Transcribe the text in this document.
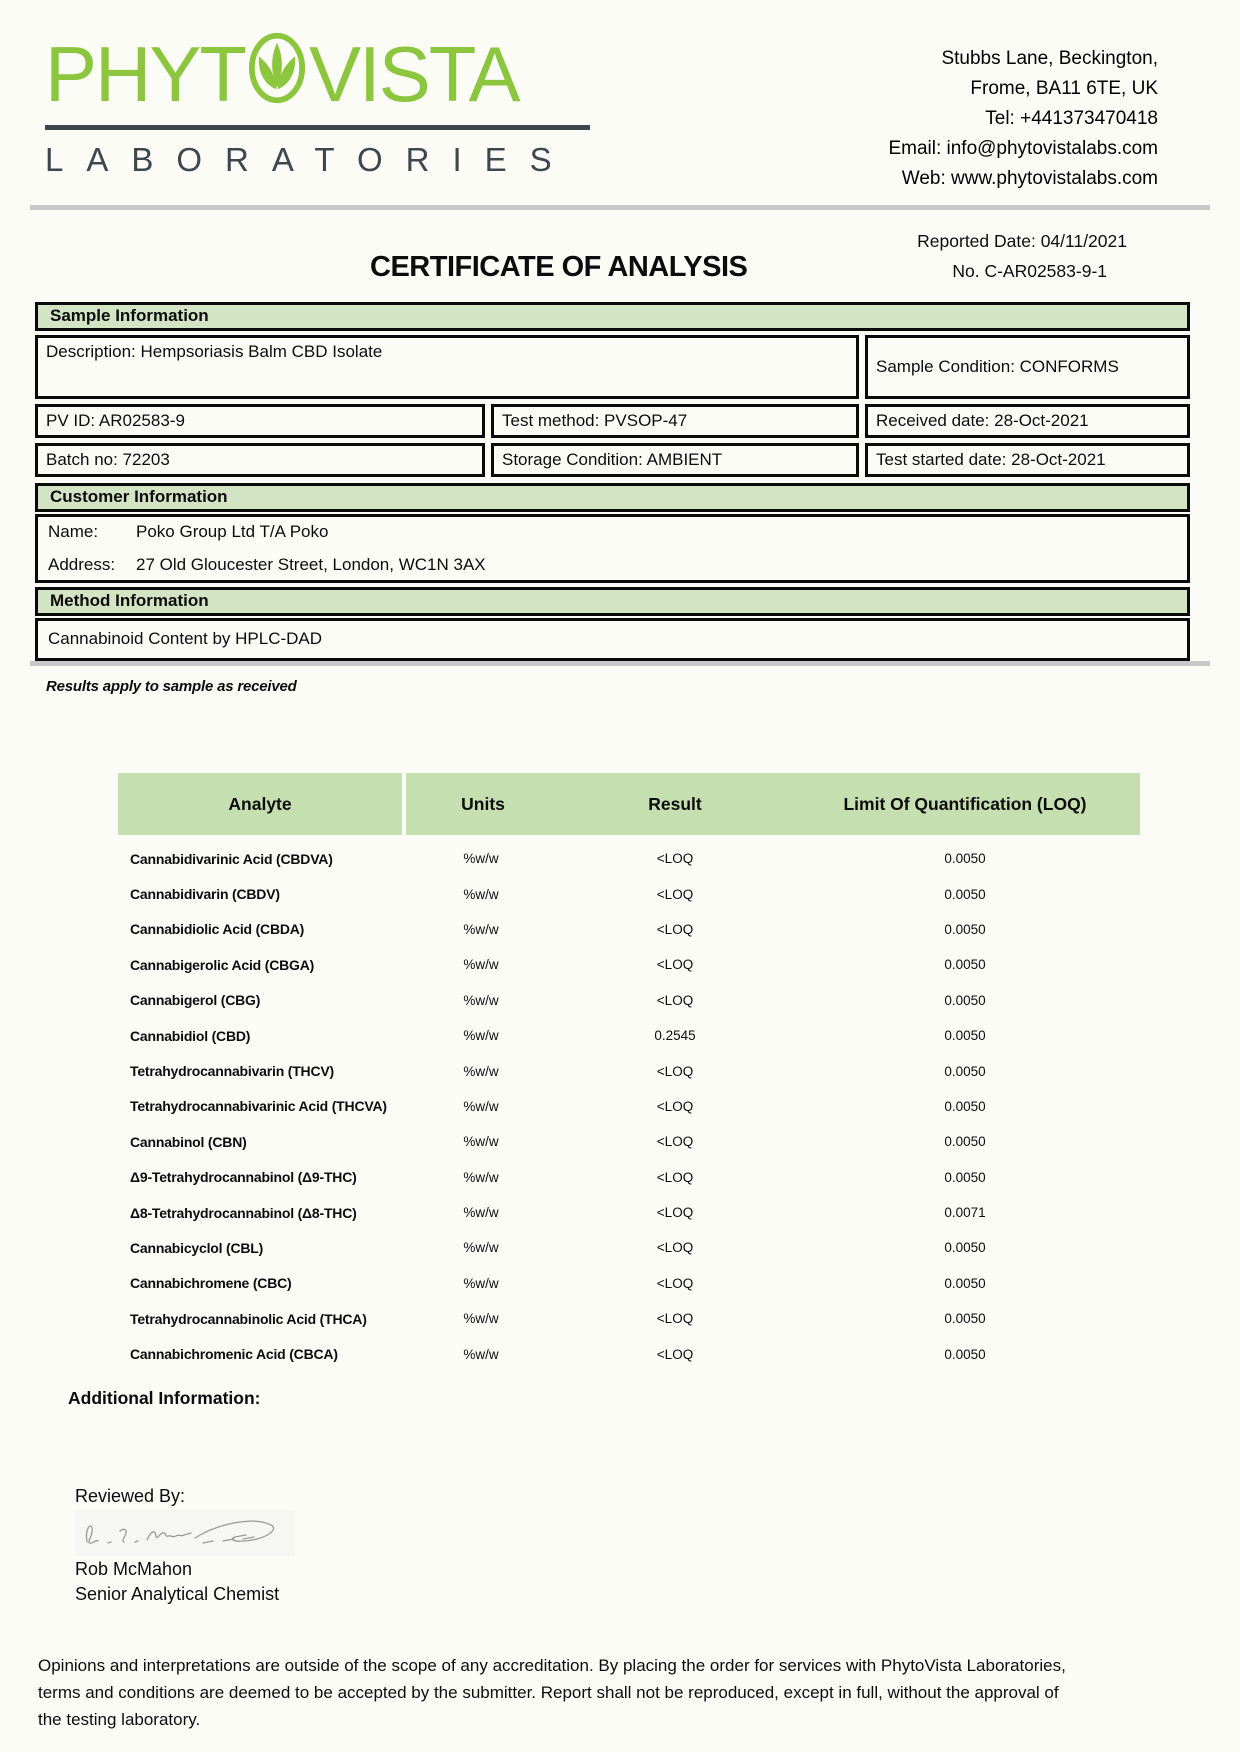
PHYT VISTA
LABORATORIES
Stubbs Lane, Beckington,
Frome, BA11 6TE, UK
Tel: +441373470418
Email: info@phytovistalabs.com
Web: www.phytovistalabs.com
Reported Date: 04/11/2021
No. C-AR02583-9-1
CERTIFICATE OF ANALYSIS
Sample Information
Description: Hempsoriasis Balm CBD Isolate
Sample Condition: CONFORMS
PV ID: AR02583-9	Test method: PVSOP-47	Received date: 28-Oct-2021
Batch no: 72203	Storage Condition: AMBIENT	Test started date: 28-Oct-2021
Customer Information
Name:	Poko Group Ltd T/A Poko
Address:	27 Old Gloucester Street, London, WC1N 3AX
Method Information
Cannabinoid Content by HPLC-DAD
Results apply to sample as received
Analyte	Units	Result	Limit Of Quantification (LOQ)
Cannabidivarinic Acid (CBDVA)	%w/w	<LOQ	0.0050
Cannabidivarin (CBDV)	%w/w	<LOQ	0.0050
Cannabidiolic Acid (CBDA)	%w/w	<LOQ	0.0050
Cannabigerolic Acid (CBGA)	%w/w	<LOQ	0.0050
Cannabigerol (CBG)	%w/w	<LOQ	0.0050
Cannabidiol (CBD)	%w/w	0.2545	0.0050
Tetrahydrocannabivarin (THCV)	%w/w	<LOQ	0.0050
Tetrahydrocannabivarinic Acid (THCVA)	%w/w	<LOQ	0.0050
Cannabinol (CBN)	%w/w	<LOQ	0.0050
Δ9-Tetrahydrocannabinol (Δ9-THC)	%w/w	<LOQ	0.0050
Δ8-Tetrahydrocannabinol (Δ8-THC)	%w/w	<LOQ	0.0071
Cannabicyclol (CBL)	%w/w	<LOQ	0.0050
Cannabichromene (CBC)	%w/w	<LOQ	0.0050
Tetrahydrocannabinolic Acid (THCA)	%w/w	<LOQ	0.0050
Cannabichromenic Acid (CBCA)	%w/w	<LOQ	0.0050
Additional Information:
Reviewed By:
Rob McMahon
Senior Analytical Chemist
Opinions and interpretations are outside of the scope of any accreditation. By placing the order for services with PhytoVista Laboratories,
terms and conditions are deemed to be accepted by the submitter. Report shall not be reproduced, except in full, without the approval of
the testing laboratory.
